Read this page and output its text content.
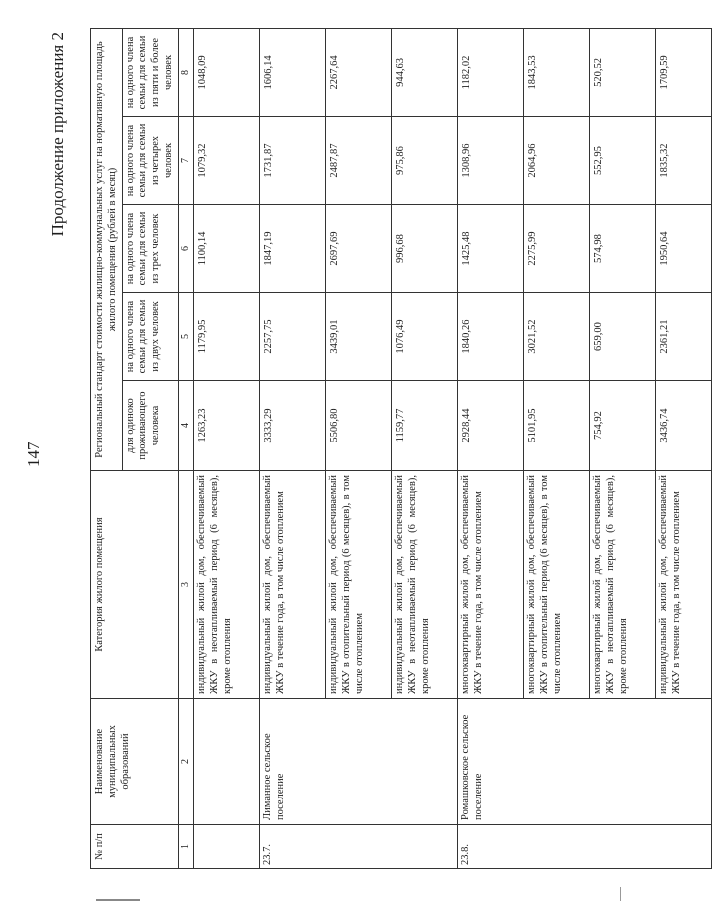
147
Продолжение приложения 2
№ п/п	Наименование муниципальных образований	Категория жилого помещения	Региональный стандарт стоимости жилищно-коммунальных услуг на нормативную площадь жилого помещения (рублей в месяц)				
			для одиноко проживающего человека	на одного члена семьи для семьи из двух человек	на одного члена семьи для семьи из трех человек	на одного члена семьи для семьи из четырех человек	на одного члена семьи для семьи из пяти и более человек
1	2	3	4	5	6	7	8
		индивидуальный жилой дом, обеспечиваемый ЖКУ в неотапливаемый период (6 месяцев), кроме отопления	1263,23	1179,95	1100,14	1079,32	1048,09
23.7.	Лиманное сельское поселение	индивидуальный жилой дом, обеспечиваемый ЖКУ в течение года, в том числе отоплением	3333,29	2257,75	1847,19	1731,87	1606,14
		индивидуальный жилой дом, обеспечиваемый ЖКУ в отопительный период (6 месяцев), в том числе отоплением	5506,80	3439,01	2697,69	2487,87	2267,64
		индивидуальный жилой дом, обеспечиваемый ЖКУ в неотапливаемый период (6 месяцев), кроме отопления	1159,77	1076,49	996,68	975,86	944,63
23.8.	Ромашковское сельское поселение	многоквартирный жилой дом, обеспечиваемый ЖКУ в течение года, в том числе отоплением	2928,44	1840,26	1425,48	1308,96	1182,02
		многоквартирный жилой дом, обеспечиваемый ЖКУ в отопительный период (6 месяцев), в том числе отоплением	5101,95	3021,52	2275,99	2064,96	1843,53
		многоквартирный жилой дом, обеспечиваемый ЖКУ в неотапливаемый период (6 месяцев), кроме отопления	754,92	659,00	574,98	552,95	520,52
		индивидуальный жилой дом, обеспечиваемый ЖКУ в течение года, в том числе отоплением	3436,74	2361,21	1950,64	1835,32	1709,59
